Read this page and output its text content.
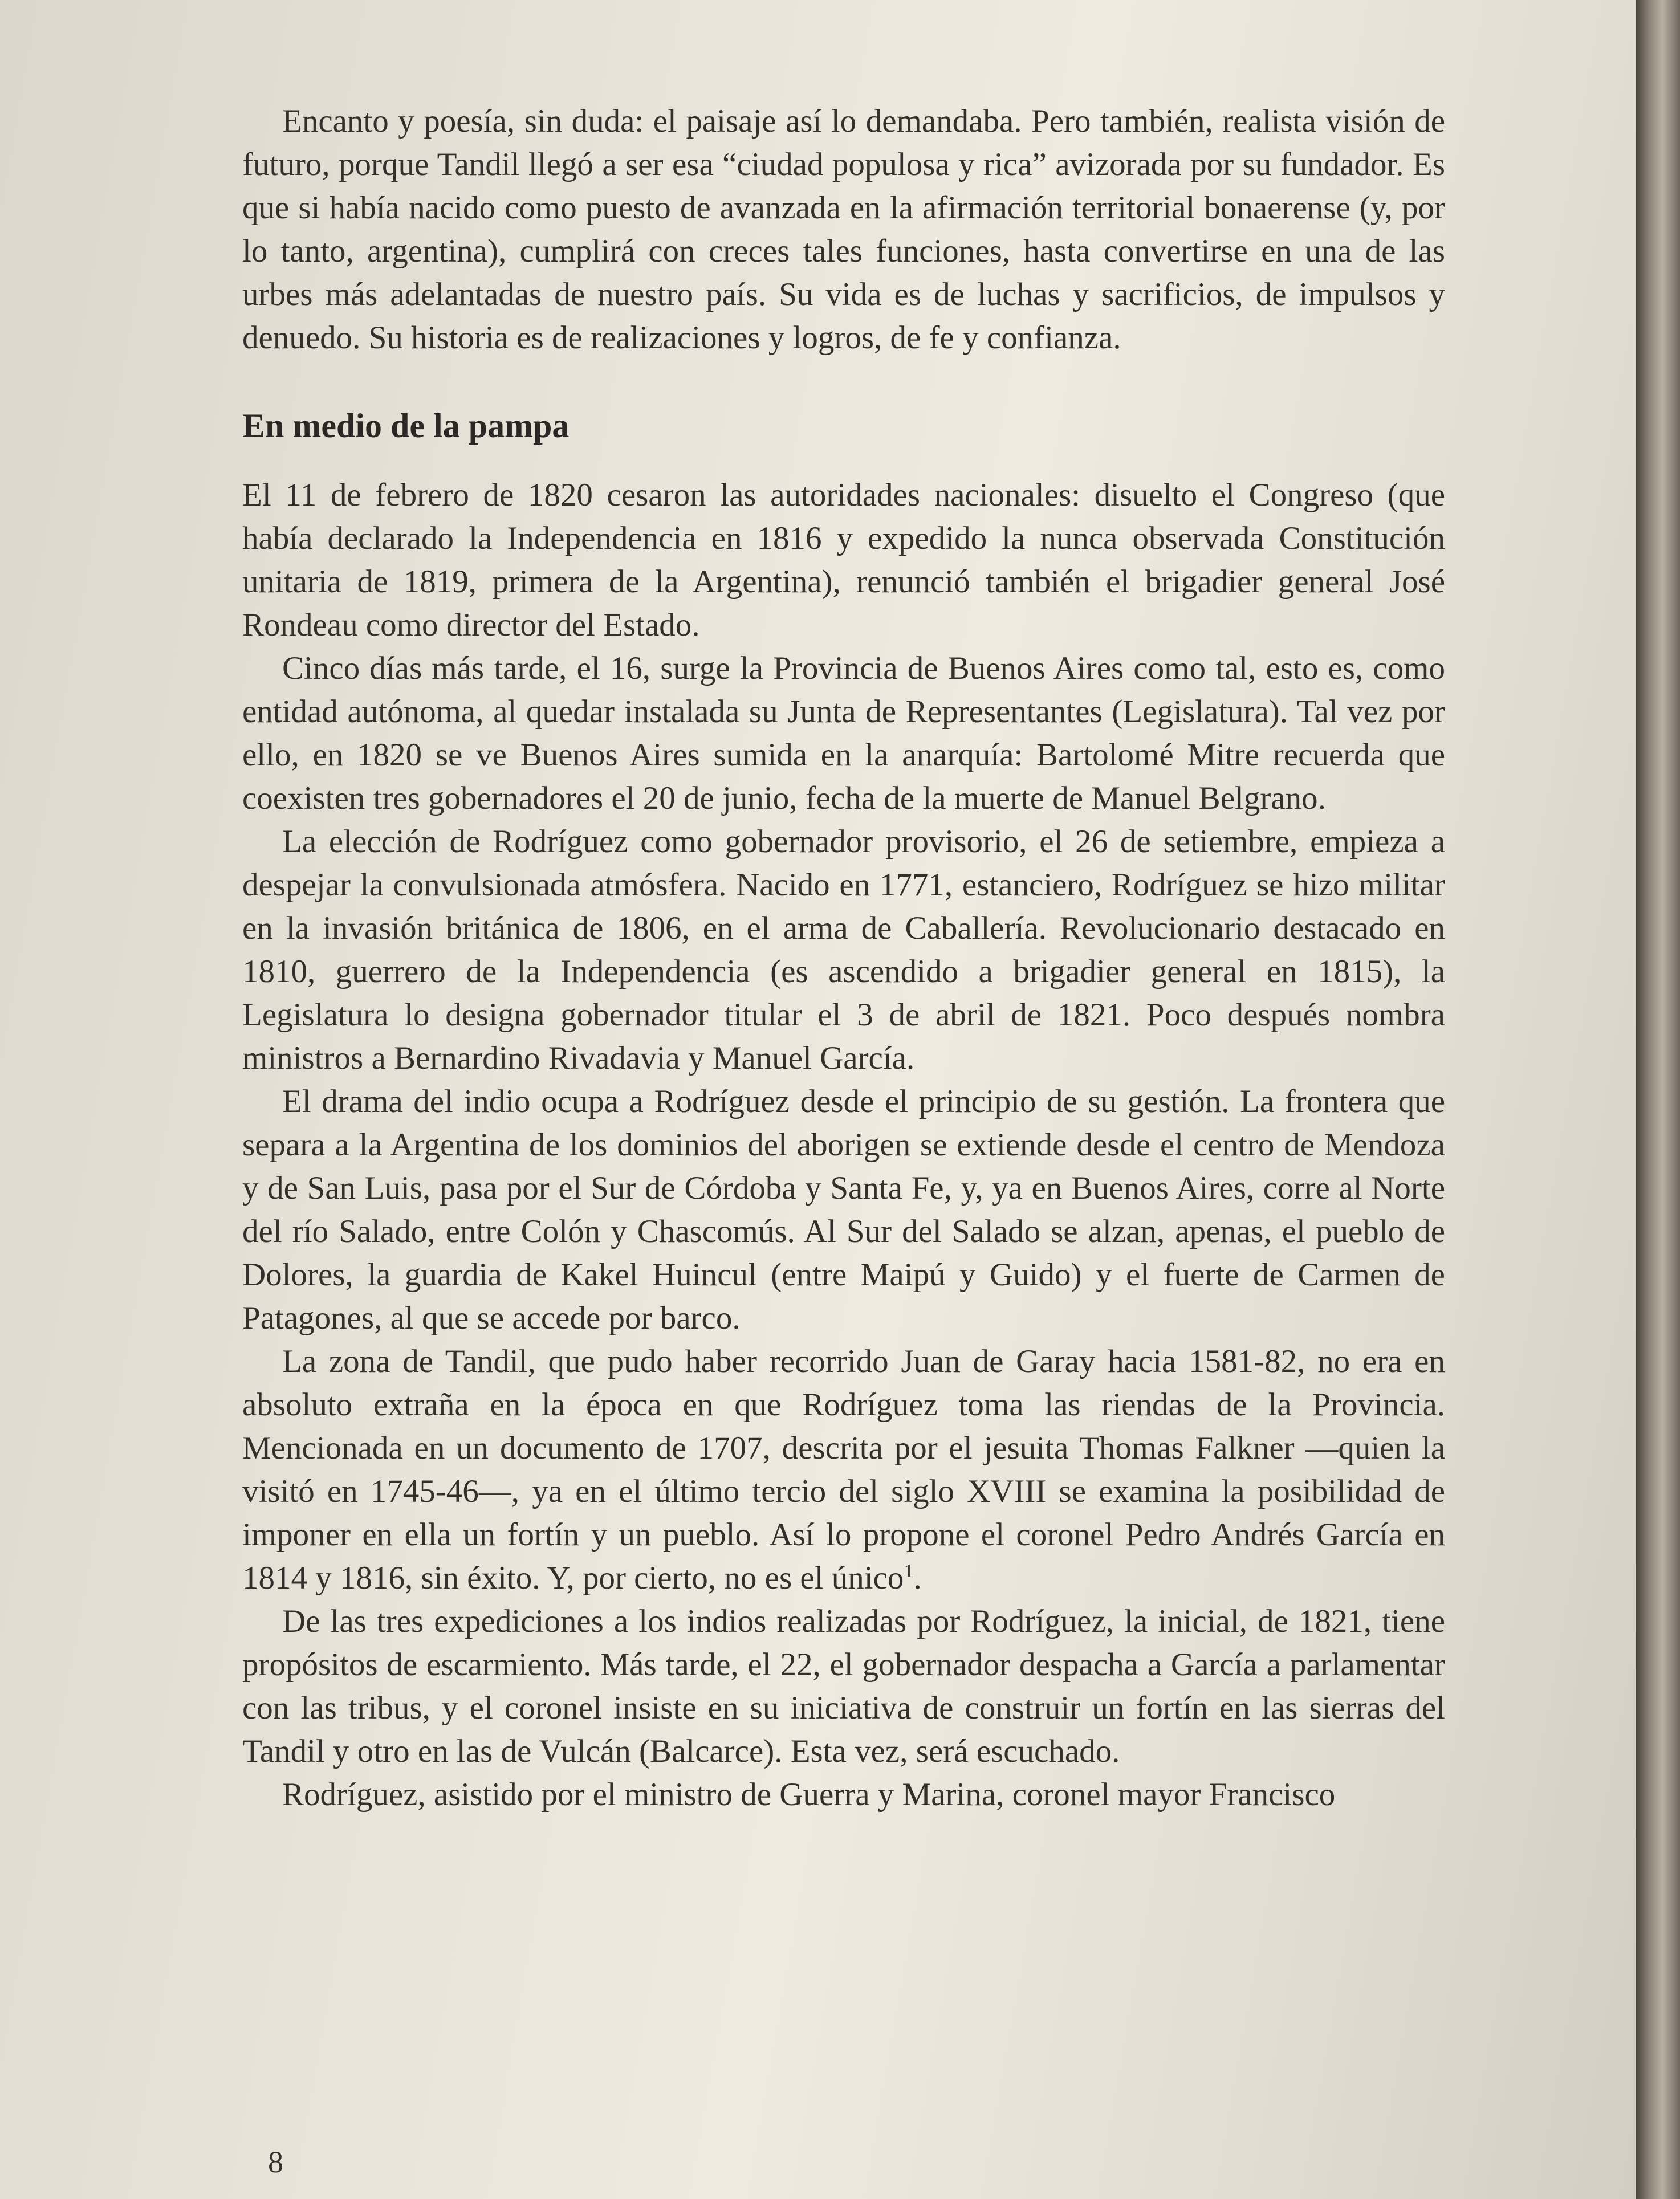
Encanto y poesía, sin duda: el paisaje así lo demandaba. Pero también, realista visión de futuro, porque Tandil llegó a ser esa “ciudad populosa y rica” avizorada por su fundador. Es que si había nacido como puesto de avanzada en la afirmación territorial bonaerense (y, por lo tanto, argentina), cumplirá con creces tales funciones, hasta convertirse en una de las urbes más adelantadas de nuestro país. Su vida es de luchas y sacrificios, de impulsos y denuedo. Su historia es de realizaciones y logros, de fe y confianza.

En medio de la pampa

El 11 de febrero de 1820 cesaron las autoridades nacionales: disuelto el Congreso (que había declarado la Independencia en 1816 y expedido la nunca observada Constitución unitaria de 1819, primera de la Argentina), renunció también el brigadier general José Rondeau como director del Estado.

Cinco días más tarde, el 16, surge la Provincia de Buenos Aires como tal, esto es, como entidad autónoma, al quedar instalada su Junta de Representantes (Legislatura). Tal vez por ello, en 1820 se ve Buenos Aires sumida en la anarquía: Bartolomé Mitre recuerda que coexisten tres gobernadores el 20 de junio, fecha de la muerte de Manuel Belgrano.

La elección de Rodríguez como gobernador provisorio, el 26 de setiembre, empieza a despejar la convulsionada atmósfera. Nacido en 1771, estanciero, Rodríguez se hizo militar en la invasión británica de 1806, en el arma de Caballería. Revolucionario destacado en 1810, guerrero de la Independencia (es ascendido a brigadier general en 1815), la Legislatura lo designa gobernador titular el 3 de abril de 1821. Poco después nombra ministros a Bernardino Rivadavia y Manuel García.

El drama del indio ocupa a Rodríguez desde el principio de su gestión. La frontera que separa a la Argentina de los dominios del aborigen se extiende desde el centro de Mendoza y de San Luis, pasa por el Sur de Córdoba y Santa Fe, y, ya en Buenos Aires, corre al Norte del río Salado, entre Colón y Chascomús. Al Sur del Salado se alzan, apenas, el pueblo de Dolores, la guardia de Kakel Huincul (entre Maipú y Guido) y el fuerte de Carmen de Patagones, al que se accede por barco.

La zona de Tandil, que pudo haber recorrido Juan de Garay hacia 1581-82, no era en absoluto extraña en la época en que Rodríguez toma las riendas de la Provincia. Mencionada en un documento de 1707, descrita por el jesuita Thomas Falkner —quien la visitó en 1745-46—, ya en el último tercio del siglo XVIII se examina la posibilidad de imponer en ella un fortín y un pueblo. Así lo propone el coronel Pedro Andrés García en 1814 y 1816, sin éxito. Y, por cierto, no es el único$^1$.

De las tres expediciones a los indios realizadas por Rodríguez, la inicial, de 1821, tiene propósitos de escarmiento. Más tarde, el 22, el gobernador despacha a García a parlamentar con las tribus, y el coronel insiste en su iniciativa de construir un fortín en las sierras del Tandil y otro en las de Vulcán (Balcarce). Esta vez, será escuchado.

Rodríguez, asistido por el ministro de Guerra y Marina, coronel mayor Francisco

8
